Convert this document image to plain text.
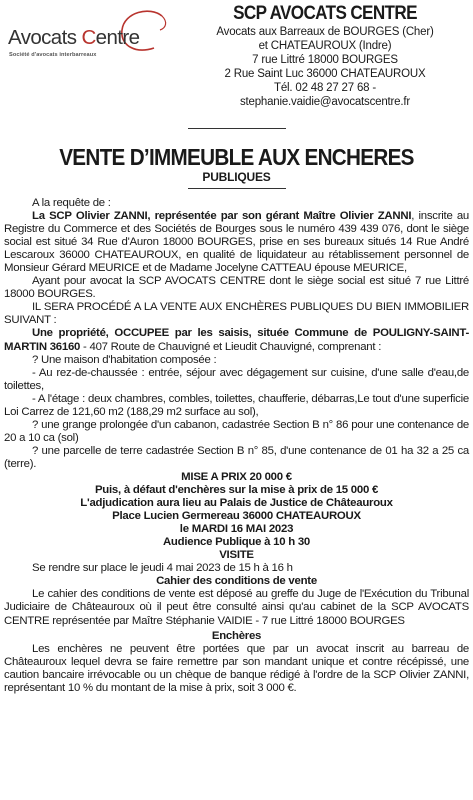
Avocats Centre
Société d'avocats interbarreaux
SCP AVOCATS CENTRE
Avocats aux Barreaux de BOURGES (Cher)
et CHATEAUROUX (Indre)
7 rue Littré 18000 BOURGES
2 Rue Saint Luc 36000 CHATEAUROUX
Tél. 02 48 27 27 68 -
stephanie.vaidie@avocatscentre.fr
VENTE D’IMMEUBLE AUX ENCHERES
PUBLIQUES

A la requête de :

La SCP Olivier ZANNI, représentée par son gérant Maître Olivier ZANNI, inscrite au Registre du Commerce et des Sociétés de Bourges sous le numéro 439 439 076, dont le siège social est situé 34 Rue d'Auron 18000 BOURGES, prise en ses bureaux situés 14 Rue André Lescaroux 36000 CHATEAUROUX, en qualité de liquidateur au rétablissement personnel de Monsieur Gérard MEURICE et de Madame Jocelyne CATTEAU épouse MEURICE,

Ayant pour avocat la SCP AVOCATS CENTRE dont le siège social est situé 7 rue Littré 18000 BOURGES.

IL SERA PROCÉDÉ A LA VENTE AUX ENCHÈRES PUBLIQUES DU BIEN IMMOBILIER SUIVANT :

Une propriété, OCCUPEE par les saisis, située Commune de POULIGNY-SAINT-MARTIN 36160 - 407 Route de Chauvigné et Lieudit Chauvigné, comprenant :

? Une maison d'habitation composée :

- Au rez-de-chaussée : entrée, séjour avec dégagement sur cuisine, d'une salle d'eau,de toilettes,

- A l'étage : deux chambres, combles, toilettes, chaufferie, débarras,Le tout d'une superficie Loi Carrez de 121,60 m2 (188,29 m2 surface au sol),

? une grange prolongée d'un cabanon, cadastrée Section B n° 86 pour une contenance de 20 a 10 ca (sol)

? une parcelle de terre cadastrée Section B n° 85, d'une contenance de 01 ha 32 a 25 ca (terre).

MISE A PRIX 20 000 €

Puis, à défaut d'enchères sur la mise à prix de 15 000 €

L'adjudication aura lieu au Palais de Justice de Châteauroux

Place Lucien Germereau 36000 CHATEAUROUX

le MARDI 16 MAI 2023

Audience Publique à 10 h 30

VISITE

Se rendre sur place le jeudi 4 mai 2023 de 15 h à 16 h

Cahier des conditions de vente

Le cahier des conditions de vente est déposé au greffe du Juge de l'Exécution du Tribunal Judiciaire de Châteauroux où il peut être consulté ainsi qu'au cabinet de la SCP AVOCATS CENTRE représentée par Maître Stéphanie VAIDIE - 7 rue Littré 18000 BOURGES

Enchères

Les enchères ne peuvent être portées que par un avocat inscrit au barreau de Châteauroux lequel devra se faire remettre par son mandant unique et contre récépissé, une caution bancaire irrévocable ou un chèque de banque rédigé à l'ordre de la SCP Olivier ZANNI, représentant 10 % du montant de la mise à prix, soit 3 000 €.
